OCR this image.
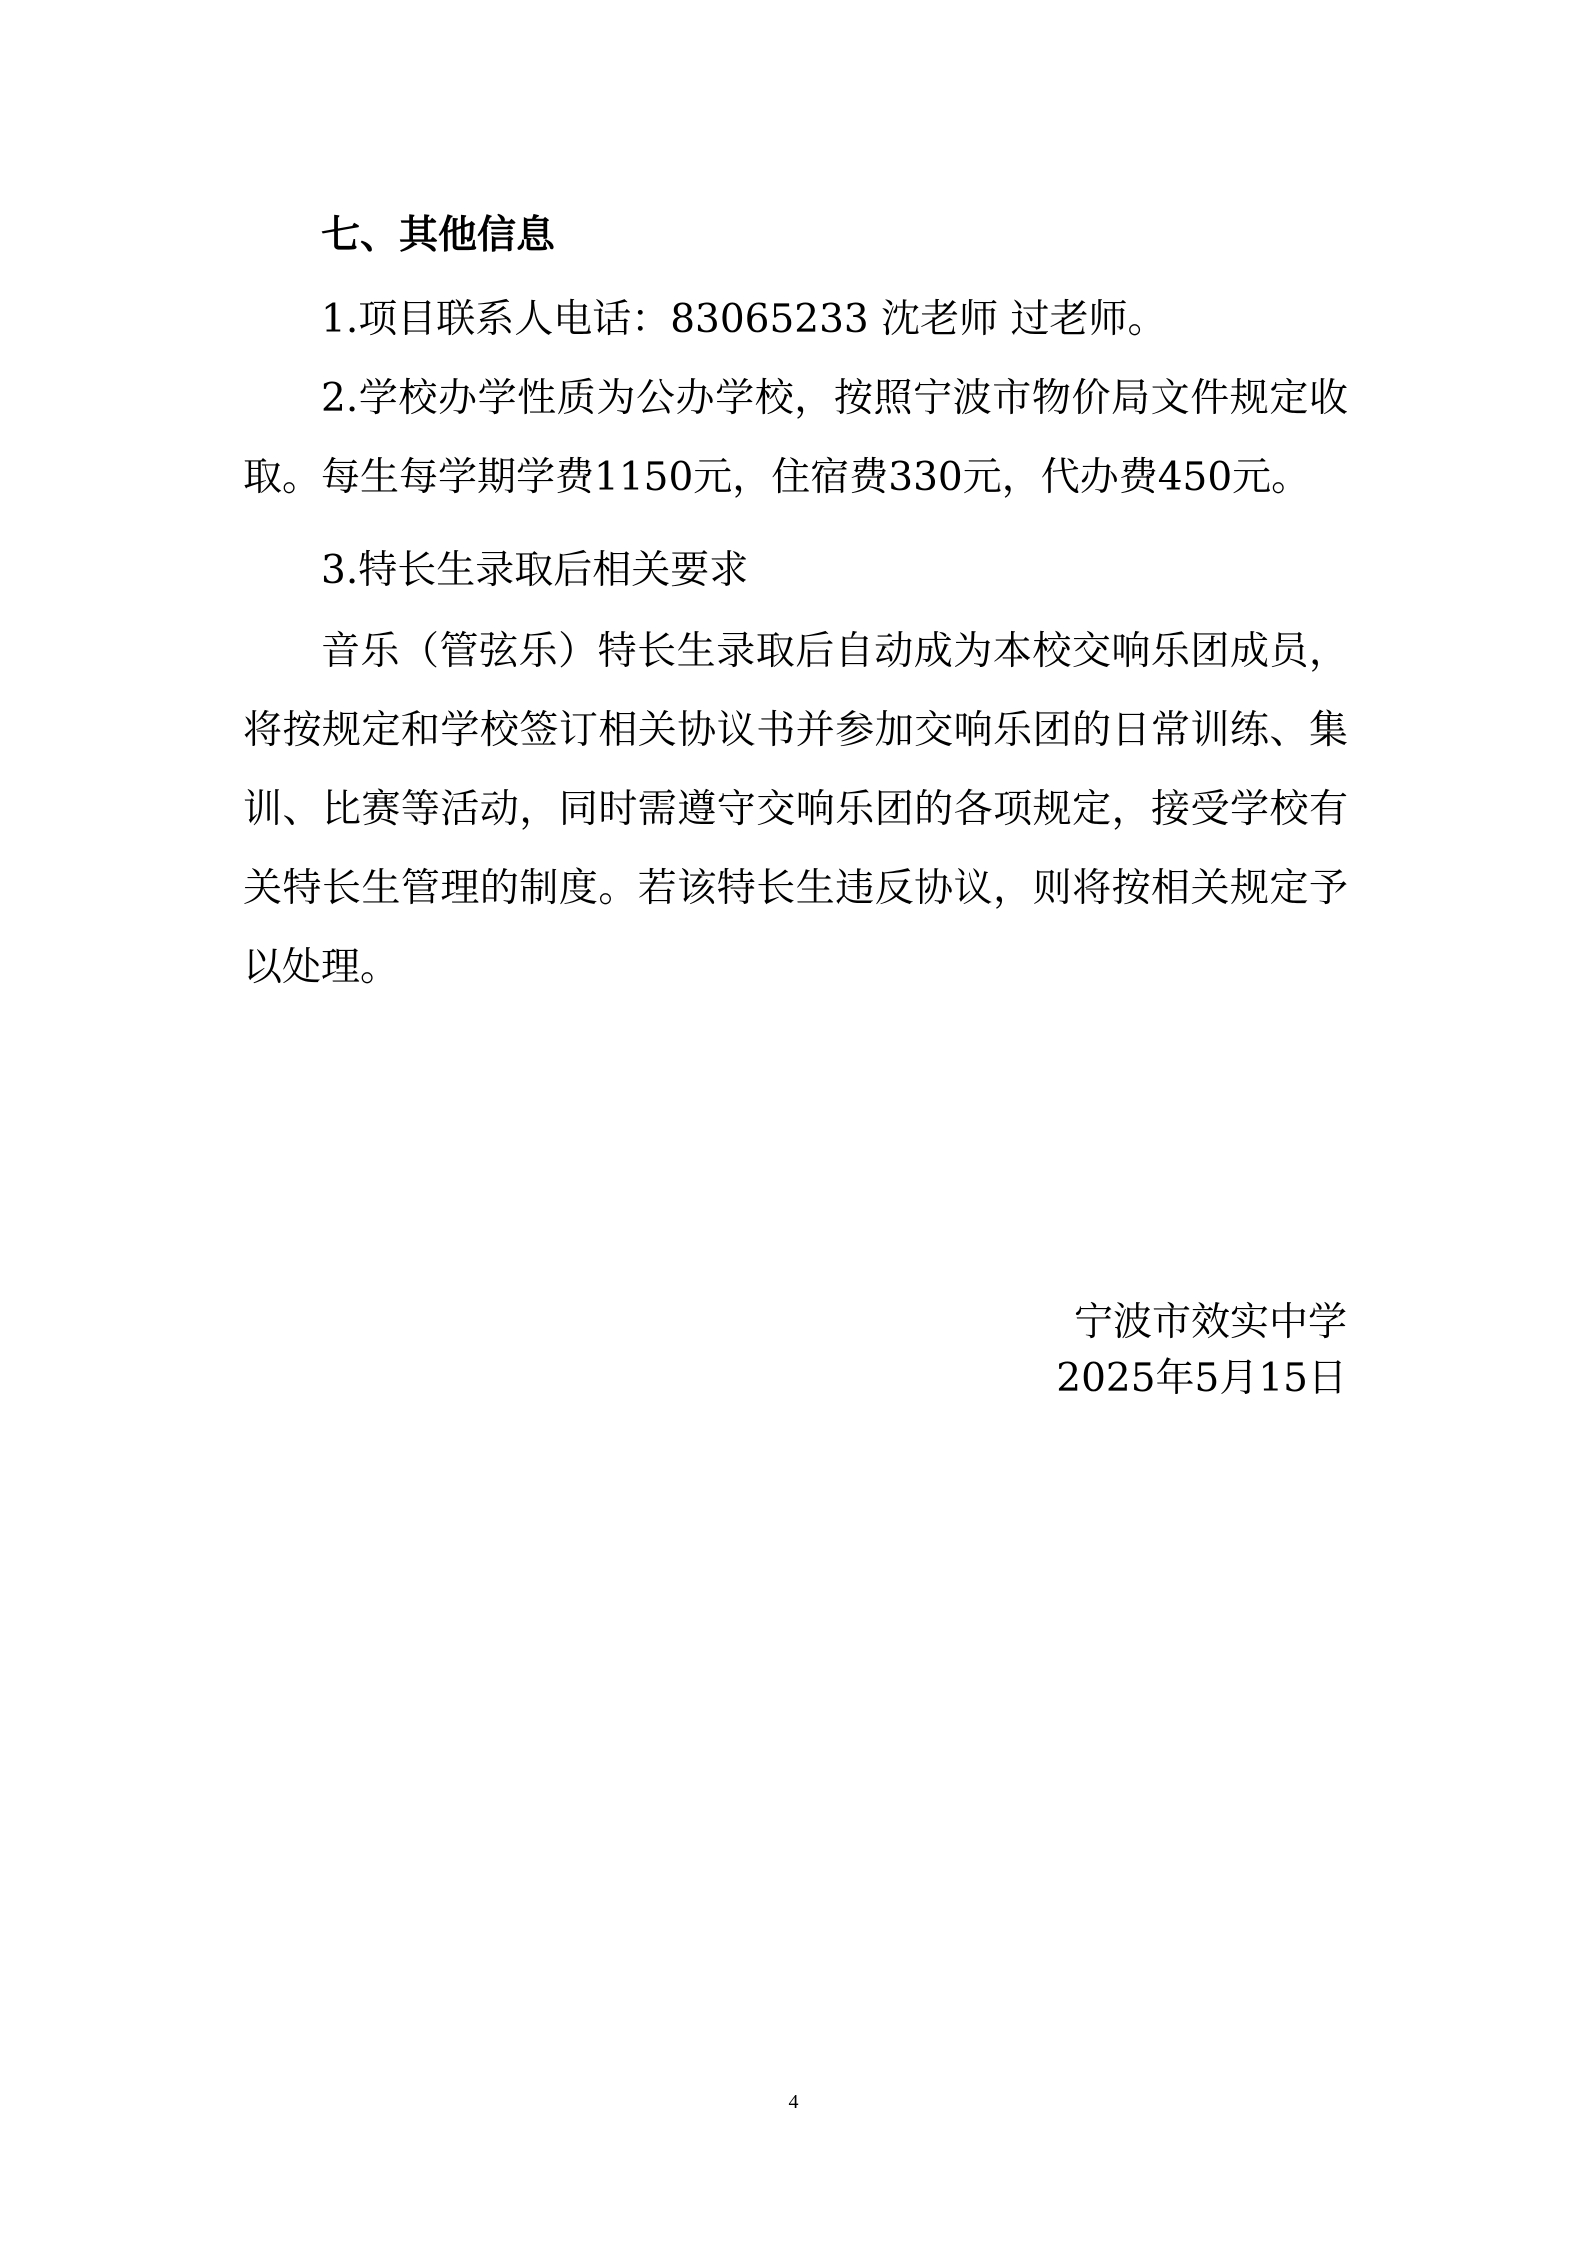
七、其他信息

1.项目联系人电话：83065233 沈老师 过老师。

2.学校办学性质为公办学校，按照宁波市物价局文件规定收取。每生每学期学费1150元，住宿费330元，代办费450元。

3.特长生录取后相关要求

音乐（管弦乐）特长生录取后自动成为本校交响乐团成员，将按规定和学校签订相关协议书并参加交响乐团的日常训练、集训、比赛等活动，同时需遵守交响乐团的各项规定，接受学校有关特长生管理的制度。若该特长生违反协议，则将按相关规定予以处理。

宁波市效实中学
2025年5月15日
4
